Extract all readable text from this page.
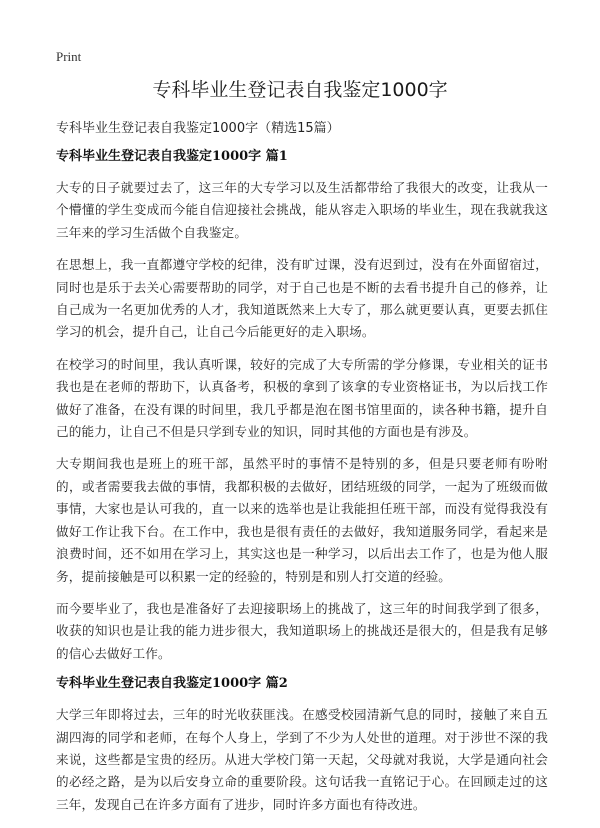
Print
专科毕业生登记表自我鉴定1000字

专科毕业生登记表自我鉴定1000字（精选15篇）

专科毕业生登记表自我鉴定1000字 篇1

大专的日子就要过去了，这三年的大专学习以及生活都带给了我很大的改变，让我从一个懵懂的学生变成而今能自信迎接社会挑战，能从容走入职场的毕业生，现在我就我这三年来的学习生活做个自我鉴定。

在思想上，我一直都遵守学校的纪律，没有旷过课，没有迟到过，没有在外面留宿过，同时也是乐于去关心需要帮助的同学，对于自己也是不断的去看书提升自己的修养，让自己成为一名更加优秀的人才，我知道既然来上大专了，那么就更要认真，更要去抓住学习的机会，提升自己，让自己今后能更好的走入职场。

在校学习的时间里，我认真听课，较好的完成了大专所需的学分修课，专业相关的证书我也是在老师的帮助下，认真备考，积极的拿到了该拿的专业资格证书，为以后找工作做好了准备，在没有课的时间里，我几乎都是泡在图书馆里面的，读各种书籍，提升自己的能力，让自己不但是只学到专业的知识，同时其他的方面也是有涉及。

大专期间我也是班上的班干部，虽然平时的事情不是特别的多，但是只要老师有吩咐的，或者需要我去做的事情，我都积极的去做好，团结班级的同学，一起为了班级而做事情，大家也是认可我的，直一以来的选举也是让我能担任班干部，而没有觉得我没有做好工作让我下台。在工作中，我也是很有责任的去做好，我知道服务同学，看起来是浪费时间，还不如用在学习上，其实这也是一种学习，以后出去工作了，也是为他人服务，提前接触是可以积累一定的经验的，特别是和别人打交道的经验。

而今要毕业了，我也是准备好了去迎接职场上的挑战了，这三年的时间我学到了很多，收获的知识也是让我的能力进步很大，我知道职场上的挑战还是很大的，但是我有足够的信心去做好工作。

专科毕业生登记表自我鉴定1000字 篇2

大学三年即将过去，三年的时光收获匪浅。在感受校园清新气息的同时，接触了来自五湖四海的同学和老师，在每个人身上，学到了不少为人处世的道理。对于涉世不深的我来说，这些都是宝贵的经历。从进大学校门第一天起，父母就对我说，大学是通向社会的必经之路，是为以后安身立命的重要阶段。这句话我一直铭记于心。在回顾走过的这三年，发现自己在许多方面有了进步，同时许多方面也有待改进。
